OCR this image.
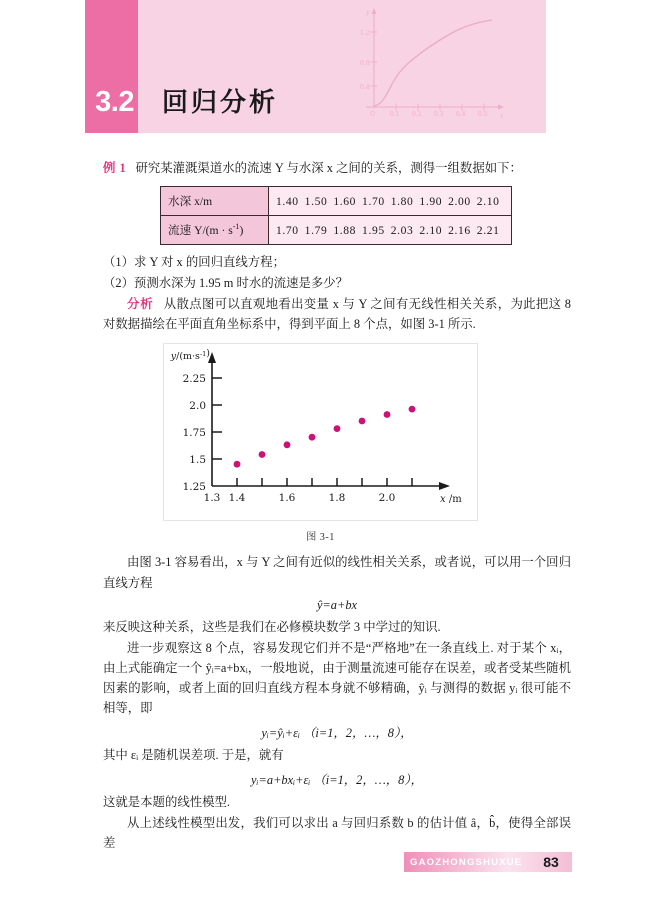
3.2 回归分析	O	0.1 0.2 0.3 0.4 0.5
0.4
0.8
1.2
y
x
例 1 研究某灌溉渠道水的流速 Y 与水深 x 之间的关系，测得一组数据如下：
水深 x/m	1.40 1.50 1.60 1.70 1.80 1.90 2.00 2.10
流速 $Y/(m \cdot s^{-1})$	1.70 1.79 1.88 1.95 2.03 2.10 2.16 2.21
（1）求 Y 对 x 的回归直线方程；
（2）预测水深为 1.95 m 时水的流速是多少？
分析 从散点图可以直观地看出变量 x 与 Y 之间有无线性相关关系，为此把这 8 对数据描绘在平面直角坐标系中，得到平面上 8 个点，如图 3-1 所示.
2.25
2.0
1.75
1.5
1.25
1.3 1.4	1.6	1.8	2.0
$y/(m\cdot s^{-1})$
x /m
图 3-1
由图 3-1 容易看出，x 与 Y 之间有近似的线性相关关系，或者说，可以用一个回归直线方程
ŷ=a+bx
来反映这种关系，这些是我们在必修模块数学 3 中学过的知识.
进一步观察这 8 个点，容易发现它们并不是“严格地”在一条直线上. 对于某个 xᵢ，由上式能确定一个 ŷᵢ=a+bxᵢ，一般地说，由于测量流速可能存在误差，或者受某些随机因素的影响，或者上面的回归直线方程本身就不够精确，ŷᵢ 与测得的数据 yᵢ 很可能不相等，即
yᵢ=ŷᵢ+εᵢ （i=1，2，…，8），
其中 εᵢ 是随机误差项. 于是，就有
yᵢ=a+bxᵢ+εᵢ （i=1，2，…，8），
这就是本题的线性模型.
从上述线性模型出发，我们可以求出 a 与回归系数 b 的估计值 â，b̂，使得全部误差
GAOZHONGSHUXUE	83
